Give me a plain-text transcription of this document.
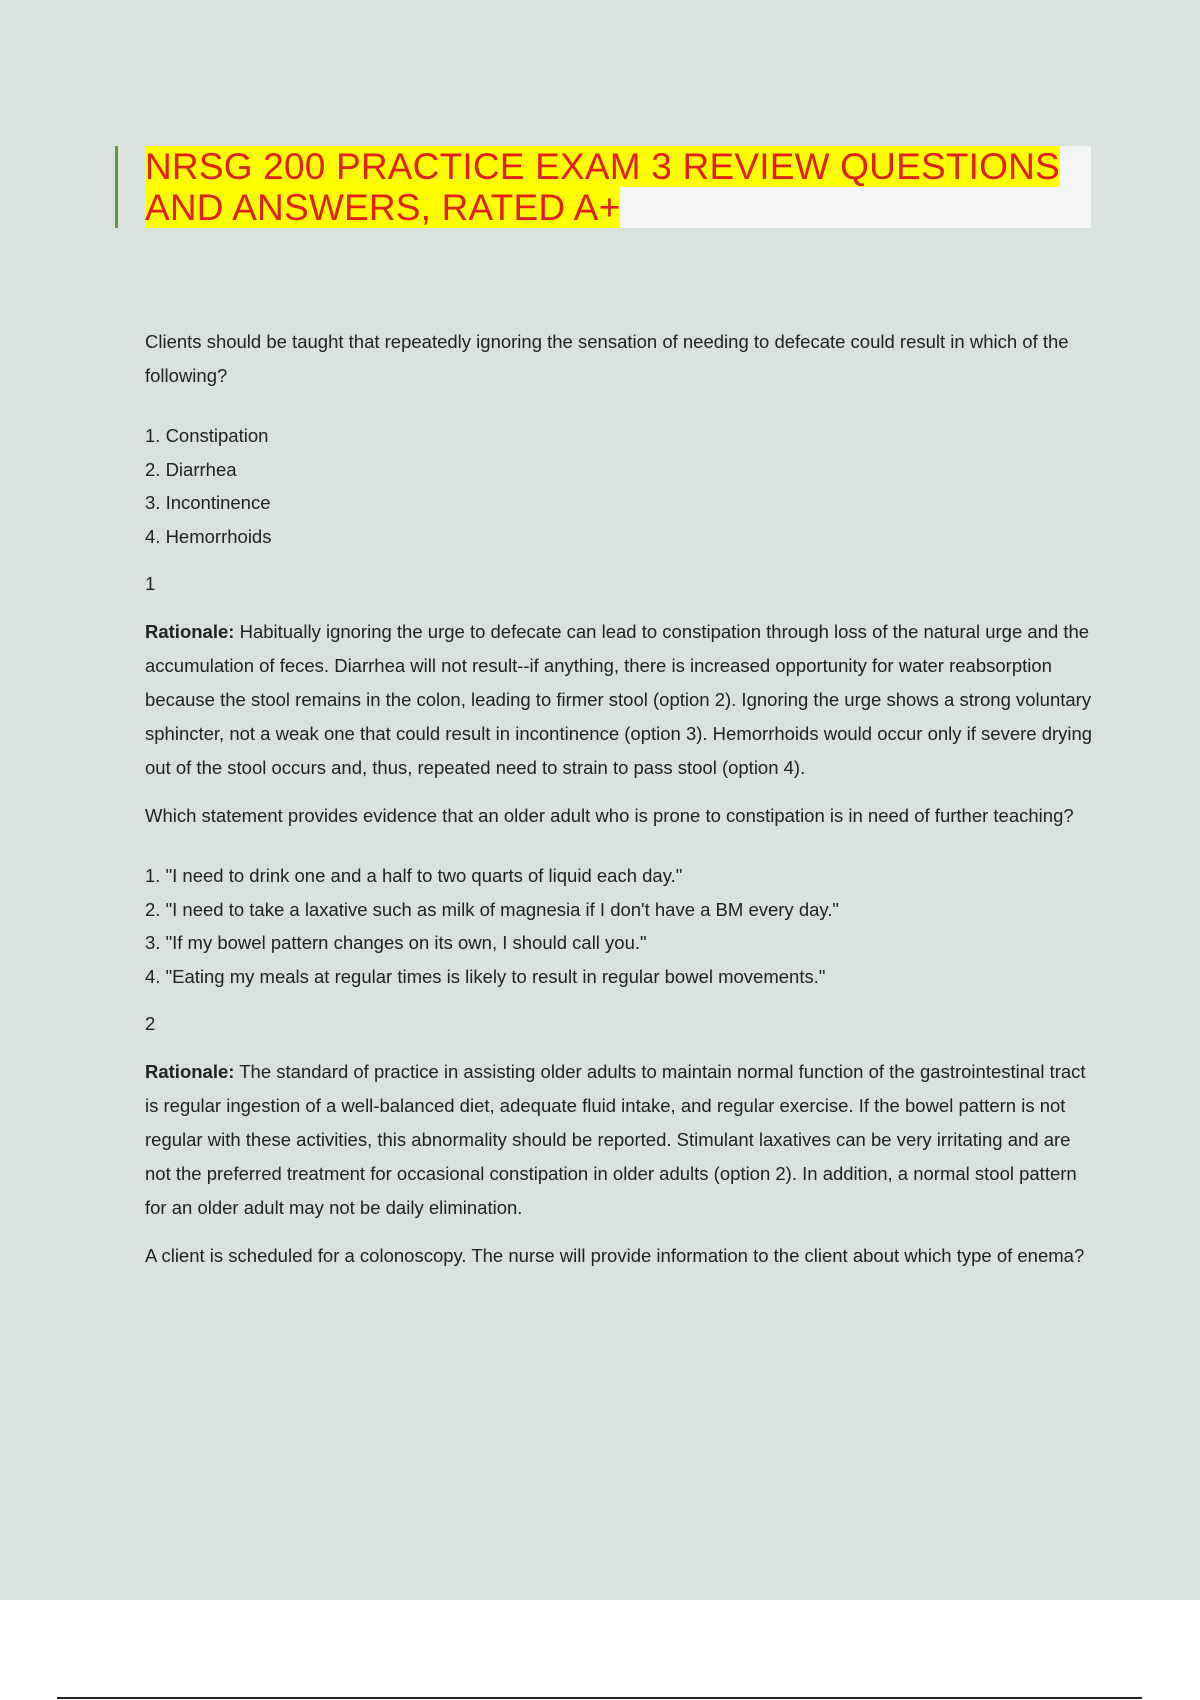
NRSG 200 PRACTICE EXAM 3 REVIEW QUESTIONS AND ANSWERS, RATED A+

Clients should be taught that repeatedly ignoring the sensation of needing to defecate could result in which of the following?

1. Constipation
2. Diarrhea
3. Incontinence
4. Hemorrhoids

1

Rationale: Habitually ignoring the urge to defecate can lead to constipation through loss of the natural urge and the accumulation of feces. Diarrhea will not result--if anything, there is increased opportunity for water reabsorption because the stool remains in the colon, leading to firmer stool (option 2). Ignoring the urge shows a strong voluntary sphincter, not a weak one that could result in incontinence (option 3). Hemorrhoids would occur only if severe drying out of the stool occurs and, thus, repeated need to strain to pass stool (option 4).

Which statement provides evidence that an older adult who is prone to constipation is in need of further teaching?

1. "I need to drink one and a half to two quarts of liquid each day."
2. "I need to take a laxative such as milk of magnesia if I don't have a BM every day."
3. "If my bowel pattern changes on its own, I should call you."
4. "Eating my meals at regular times is likely to result in regular bowel movements."

2

Rationale: The standard of practice in assisting older adults to maintain normal function of the gastrointestinal tract is regular ingestion of a well-balanced diet, adequate fluid intake, and regular exercise. If the bowel pattern is not regular with these activities, this abnormality should be reported. Stimulant laxatives can be very irritating and are not the preferred treatment for occasional constipation in older adults (option 2). In addition, a normal stool pattern for an older adult may not be daily elimination.

A client is scheduled for a colonoscopy. The nurse will provide information to the client about which type of enema?
